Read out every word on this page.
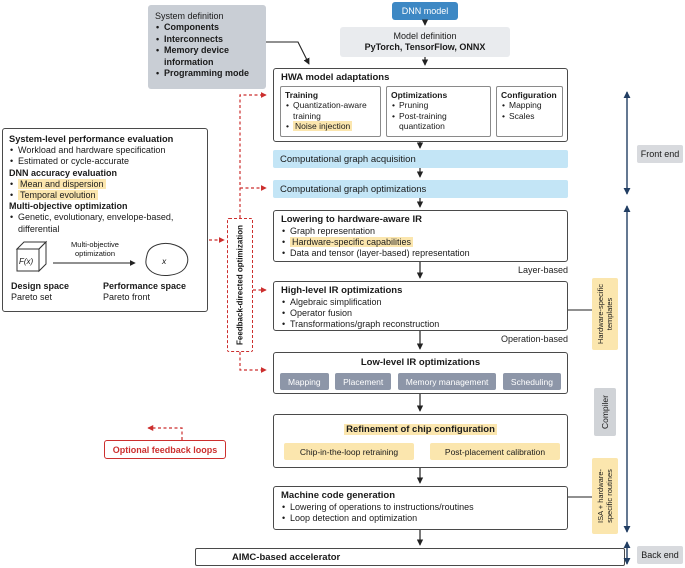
DNN model
Model definition
PyTorch, TensorFlow, ONNX
System definition
• Components
• Interconnects
• Memory device information
• Programming mode	HWA model adaptations
Training
• Quantization-aware training
• Noise injection
Optimizations
• Pruning
• Post-training quantization
Configuration
• Mapping
• Scales
Computational graph acquisition
Computational graph optimizations
Lowering to hardware-aware IR
• Graph representation
• Hardware-specific capabilities
• Data and tensor (layer-based) representation
Layer-based
High-level IR optimizations
• Algebraic simplification
• Operator fusion
• Transformations/graph reconstruction
Operation-based
Low-level IR optimizations
Mapping	Placement	Memory management	Scheduling
Refinement of chip configuration
Chip-in-the-loop retraining	Post-placement calibration
Machine code generation
• Lowering of operations to instructions/routines
• Loop detection and optimization
AIMC-based accelerator
System-level performance evaluation
• Workload and hardware specification
• Estimated or cycle-accurate
DNN accuracy evaluation
• Mean and dispersion
• Temporal evolution
Multi-objective optimization
• Genetic, evolutionary, envelope-based, differential
F(x)
Multi-objective
optimization
x
Design space
Pareto set
Performance space
Pareto front	Feedback-directed optimization
Optional feedback loops
Hardware-specific templates
Compiler
ISA + hardware-specific routines
Front end
Back end
